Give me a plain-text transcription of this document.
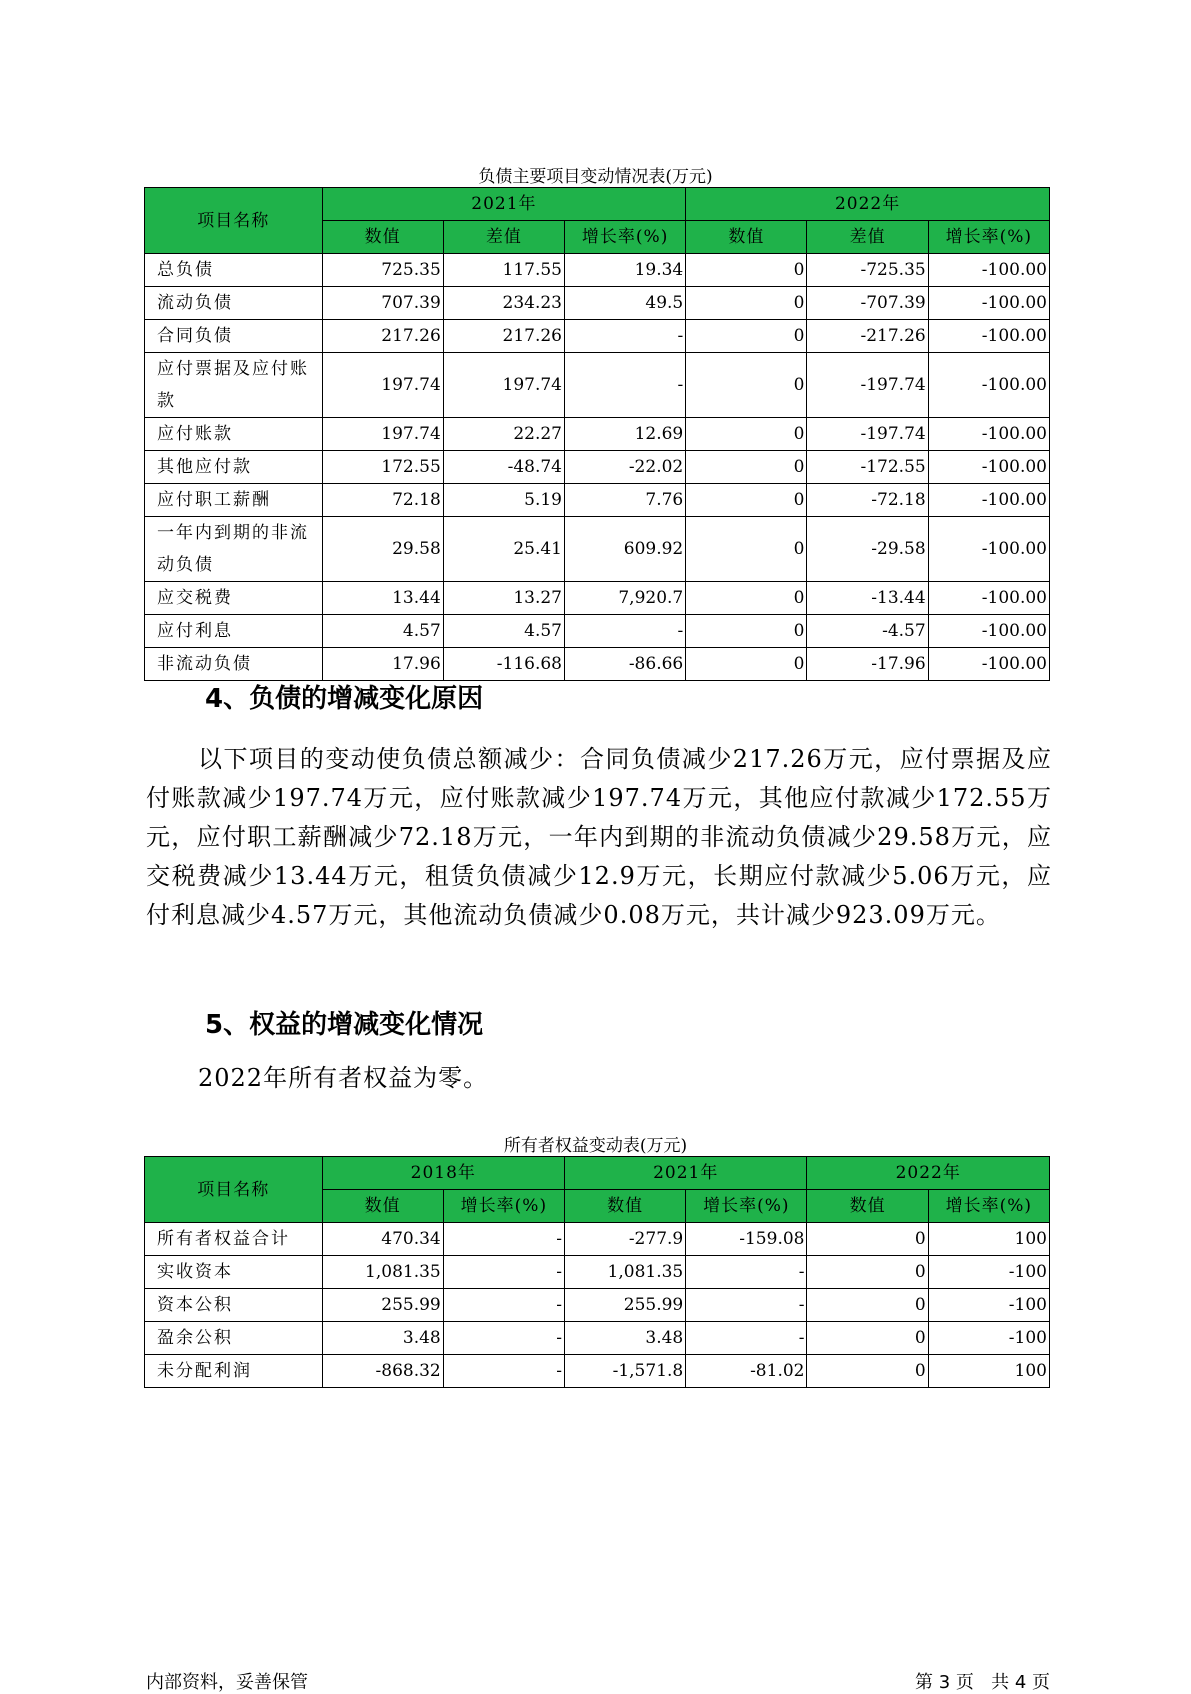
负债主要项目变动情况表(万元)
项目名称	2021年			2022年		
	数值	差值	增长率(%)	数值	差值	增长率(%)
总负债	725.35	117.55	19.34	0	-725.35	-100.00
流动负债	707.39	234.23	49.5	0	-707.39	-100.00
合同负债	217.26	217.26	-	0	-217.26	-100.00
应付票据及应付账款	197.74	197.74	-	0	-197.74	-100.00
应付账款	197.74	22.27	12.69	0	-197.74	-100.00
其他应付款	172.55	-48.74	-22.02	0	-172.55	-100.00
应付职工薪酬	72.18	5.19	7.76	0	-72.18	-100.00
一年内到期的非流动负债	29.58	25.41	609.92	0	-29.58	-100.00
应交税费	13.44	13.27	7,920.7	0	-13.44	-100.00
应付利息	4.57	4.57	-	0	-4.57	-100.00
非流动负债	17.96	-116.68	-86.66	0	-17.96	-100.00
4、负债的增减变化原因

以下项目的变动使负债总额减少：合同负债减少217.26万元，应付票据及应付账款减少197.74万元，应付账款减少197.74万元，其他应付款减少172.55万元，应付职工薪酬减少72.18万元，一年内到期的非流动负债减少29.58万元，应交税费减少13.44万元，租赁负债减少12.9万元，长期应付款减少5.06万元，应付利息减少4.57万元，其他流动负债减少0.08万元，共计减少923.09万元。

5、权益的增减变化情况

2022年所有者权益为零。

所有者权益变动表(万元)
项目名称	2018年		2021年		2022年	
	数值	增长率(%)	数值	增长率(%)	数值	增长率(%)
所有者权益合计	470.34	-	-277.9	-159.08	0	100
实收资本	1,081.35	-	1,081.35	-	0	-100
资本公积	255.99	-	255.99	-	0	-100
盈余公积	3.48	-	3.48	-	0	-100
未分配利润	-868.32	-	-1,571.8	-81.02	0	100
内部资料，妥善保管	第 3 页   共 4 页
